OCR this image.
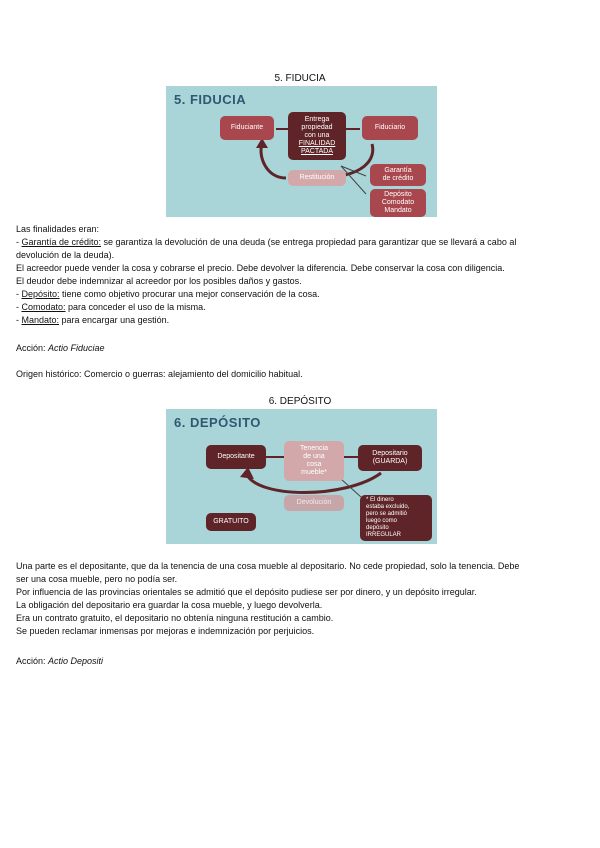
5. FIDUCIA
5. FIDUCIA
Fiduciante
Entrega
propiedad
con una
FINALIDAD
PACTADA
Fiduciario
Restitución
Garantía
de crédito
Depósito
Comodato
Mandato
Las finalidades eran:
- Garantía de crédito: se garantiza la devolución de una deuda (se entrega propiedad para garantizar que se llevará a cabo al
devolución de la deuda).
El acreedor puede vender la cosa y cobrarse el precio. Debe devolver la diferencia. Debe conservar la cosa con diligencia.
El deudor debe indemnizar al acreedor por los posibles daños y gastos.
- Depósito: tiene como objetivo procurar una mejor conservación de la cosa.
- Comodato: para conceder el uso de la misma.
- Mandato: para encargar una gestión.
Acción: Actio Fiduciae
Origen histórico: Comercio o guerras: alejamiento del domicilio habitual.
6. DEPÓSITO
6. DEPÓSITO
Depositante
Tenencia
de una
cosa
mueble*
Depositario
(GUARDA)
Devolución
GRATUITO
* El dinero
estaba excluido,
pero se admitió
luego como
depósito
IRREGULAR
Una parte es el depositante, que da la tenencia de una cosa mueble al depositario. No cede propiedad, solo la tenencia. Debe
ser una cosa mueble, pero no podía ser.
Por influencia de las provincias orientales se admitió que el depósito pudiese ser por dinero, y un depósito irregular.
La obligación del depositario era guardar la cosa mueble, y luego devolverla.
Era un contrato gratuito, el depositario no obtenía ninguna restitución a cambio.
Se pueden reclamar inmensas por mejoras e indemnización por perjuicios.
Acción: Actio Depositi
